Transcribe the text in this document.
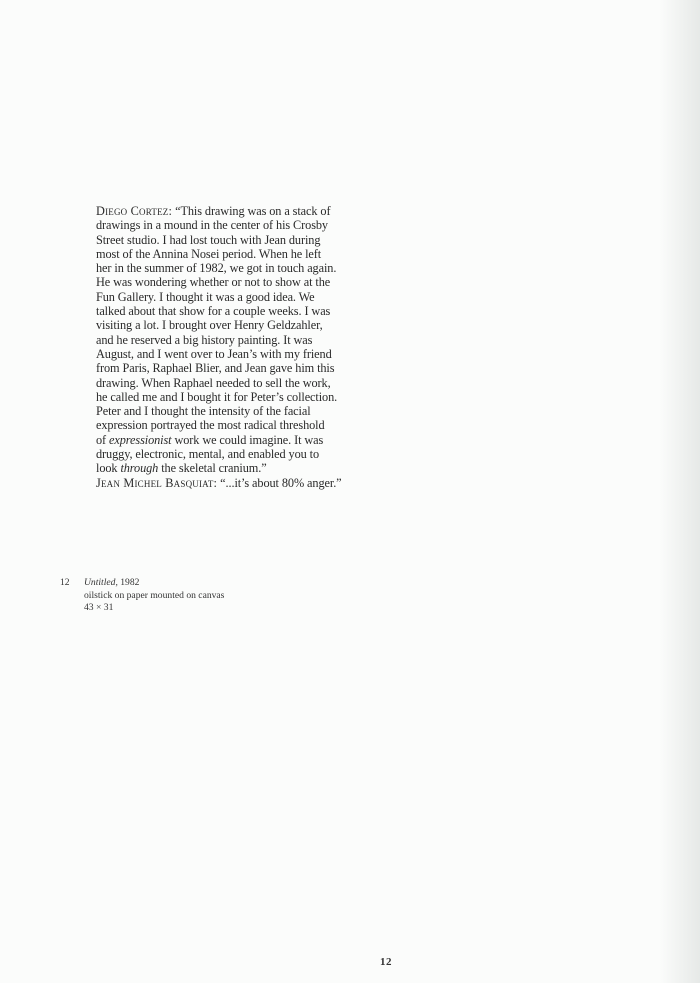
Diego Cortez: “This drawing was on a stack of
drawings in a mound in the center of his Crosby
Street studio. I had lost touch with Jean during
most of the Annina Nosei period. When he left
her in the summer of 1982, we got in touch again.
He was wondering whether or not to show at the
Fun Gallery. I thought it was a good idea. We
talked about that show for a couple weeks. I was
visiting a lot. I brought over Henry Geldzahler,
and he reserved a big history painting. It was
August, and I went over to Jean’s with my friend
from Paris, Raphael Blier, and Jean gave him this
drawing. When Raphael needed to sell the work,
he called me and I bought it for Peter’s collection.
Peter and I thought the intensity of the facial
expression portrayed the most radical threshold
of expressionist work we could imagine. It was
druggy, electronic, mental, and enabled you to
look through the skeletal cranium.”
Jean Michel Basquiat: “...it’s about 80% anger.”
12 Untitled, 1982
oilstick on paper mounted on canvas
43 × 31
12
